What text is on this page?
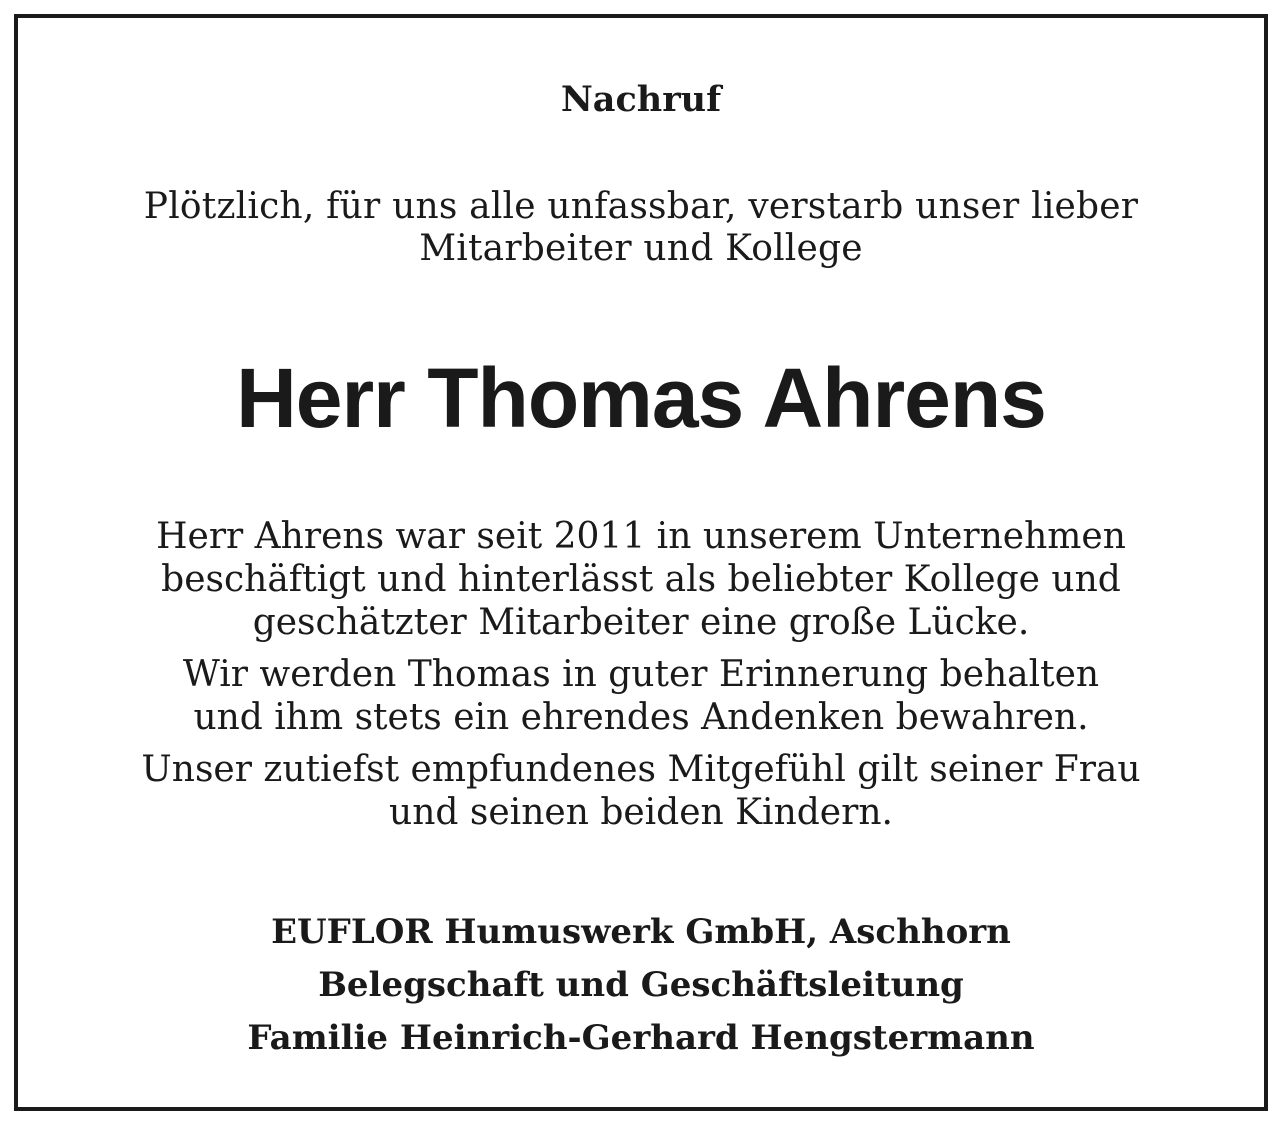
Nachruf
Plötzlich, für uns alle unfassbar, verstarb unser lieber
Mitarbeiter und Kollege
Herr Thomas Ahrens

Herr Ahrens war seit 2011 in unserem Unternehmen
beschäftigt und hinterlässt als beliebter Kollege und
geschätzter Mitarbeiter eine große Lücke.

Wir werden Thomas in guter Erinnerung behalten
und ihm stets ein ehrendes Andenken bewahren.

Unser zutiefst empfundenes Mitgefühl gilt seiner Frau
und seinen beiden Kindern.

EUFLOR Humuswerk GmbH, Aschhorn
Belegschaft und Geschäftsleitung
Familie Heinrich-Gerhard Hengstermann
